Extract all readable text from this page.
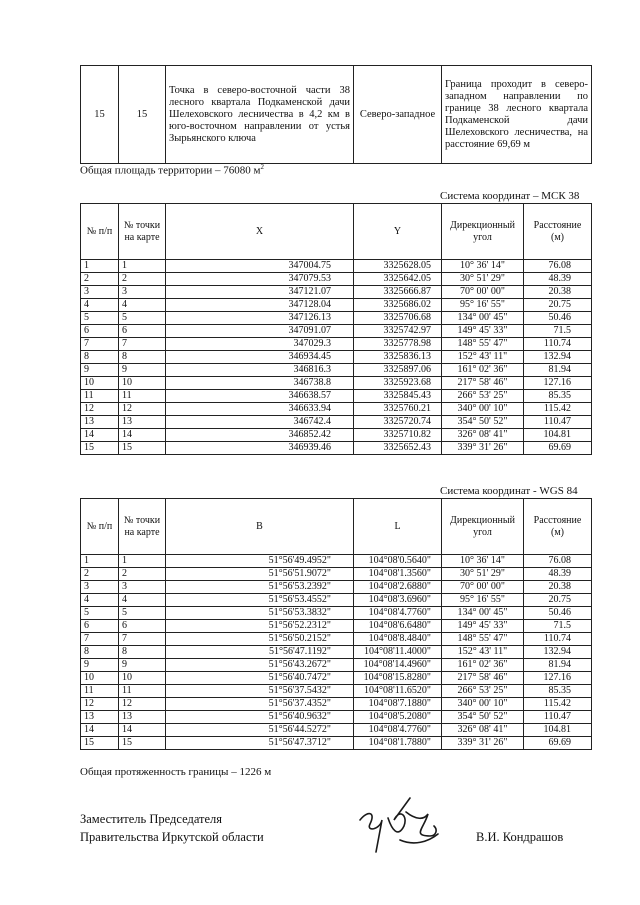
15	15	Точка в северо-восточной части 38 лесного квартала Подкаменской дачи Шелеховского лесничества в 4,2 км в юго-восточном направлении от устья Зырьянского ключа	Северо-западное	Граница проходит в северо-западном направлении по границе 38 лесного квартала Подкаменской дачи Шелеховского лесничества, на расстояние 69,69 м
Общая площадь территории – 76080 $м^2$
Система координат – МСК 38
№ п/п	№ точки на карте	X	Y	Дирекционный угол	Расстояние (м)
1	1	347004.75	3325628.05	10° 36' 14"	76.08
2	2	347079.53	3325642.05	30° 51' 29"	48.39
3	3	347121.07	3325666.87	70° 00' 00"	20.38
4	4	347128.04	3325686.02	95° 16' 55"	20.75
5	5	347126.13	3325706.68	134° 00' 45"	50.46
6	6	347091.07	3325742.97	149° 45' 33"	71.5
7	7	347029.3	3325778.98	148° 55' 47"	110.74
8	8	346934.45	3325836.13	152° 43' 11"	132.94
9	9	346816.3	3325897.06	161° 02' 36"	81.94
10	10	346738.8	3325923.68	217° 58' 46"	127.16
11	11	346638.57	3325845.43	266° 53' 25"	85.35
12	12	346633.94	3325760.21	340° 00' 10"	115.42
13	13	346742.4	3325720.74	354° 50' 52"	110.47
14	14	346852.42	3325710.82	326° 08' 41"	104.81
15	15	346939.46	3325652.43	339° 31' 26"	69.69
Система координат - WGS 84
№ п/п	№ точки на карте	B	L	Дирекционный угол	Расстояние (м)
1	1	51°56'49.4952"	104°08'0.5640"	10° 36' 14"	76.08
2	2	51°56'51.9072"	104°08'1.3560"	30° 51' 29"	48.39
3	3	51°56'53.2392"	104°08'2.6880"	70° 00' 00"	20.38
4	4	51°56'53.4552"	104°08'3.6960"	95° 16' 55"	20.75
5	5	51°56'53.3832"	104°08'4.7760"	134° 00' 45"	50.46
6	6	51°56'52.2312"	104°08'6.6480"	149° 45' 33"	71.5
7	7	51°56'50.2152"	104°08'8.4840"	148° 55' 47"	110.74
8	8	51°56'47.1192"	104°08'11.4000"	152° 43' 11"	132.94
9	9	51°56'43.2672"	104°08'14.4960"	161° 02' 36"	81.94
10	10	51°56'40.7472"	104°08'15.8280"	217° 58' 46"	127.16
11	11	51°56'37.5432"	104°08'11.6520"	266° 53' 25"	85.35
12	12	51°56'37.4352"	104°08'7.1880"	340° 00' 10"	115.42
13	13	51°56'40.9632"	104°08'5.2080"	354° 50' 52"	110.47
14	14	51°56'44.5272"	104°08'4.7760"	326° 08' 41"	104.81
15	15	51°56'47.3712"	104°08'1.7880"	339° 31' 26"	69.69
Общая протяженность границы – 1226 м
Заместитель Председателя
Правительства Иркутской области	В.И. Кондрашов
